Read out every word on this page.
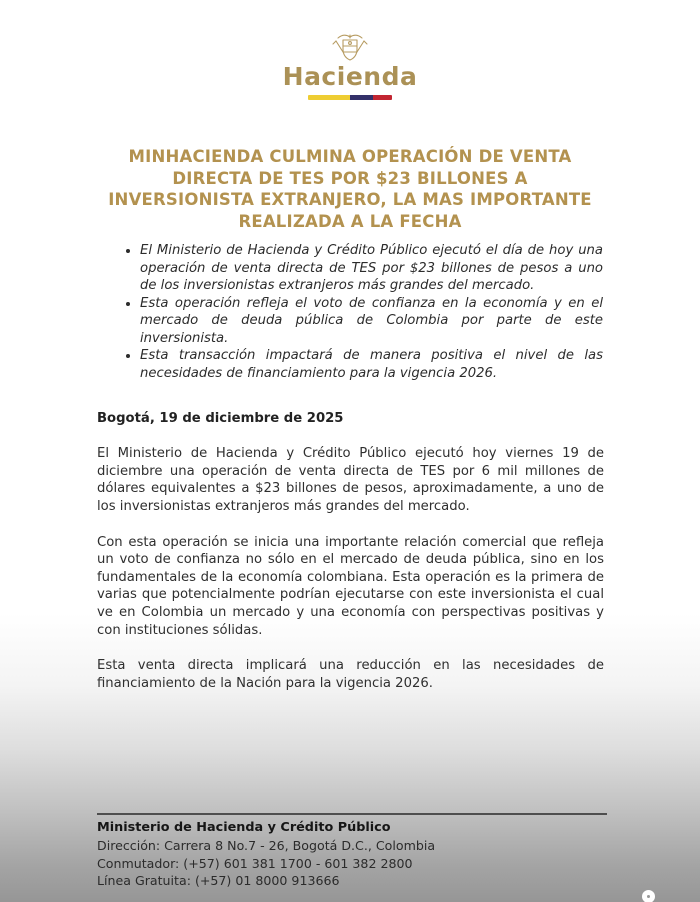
Hacienda
MINHACIENDA CULMINA OPERACIÓN DE VENTA DIRECTA DE TES POR $23 BILLONES A INVERSIONISTA EXTRANJERO, LA MAS IMPORTANTE REALIZADA A LA FECHA
• El Ministerio de Hacienda y Crédito Público ejecutó el día de hoy una operación de venta directa de TES por $23 billones de pesos a uno de los inversionistas extranjeros más grandes del mercado.
• Esta operación refleja el voto de confianza en la economía y en el mercado de deuda pública de Colombia por parte de este inversionista.
• Esta transacción impactará de manera positiva el nivel de las necesidades de financiamiento para la vigencia 2026.
Bogotá, 19 de diciembre de 2025

El Ministerio de Hacienda y Crédito Público ejecutó hoy viernes 19 de diciembre una operación de venta directa de TES por 6 mil millones de dólares equivalentes a $23 billones de pesos, aproximadamente, a uno de los inversionistas extranjeros más grandes del mercado.

Con esta operación se inicia una importante relación comercial que refleja un voto de confianza no sólo en el mercado de deuda pública, sino en los fundamentales de la economía colombiana. Esta operación es la primera de varias que potencialmente podrían ejecutarse con este inversionista el cual ve en Colombia un mercado y una economía con perspectivas positivas y con instituciones sólidas.

Esta venta directa implicará una reducción en las necesidades de financiamiento de la Nación para la vigencia 2026.

Ministerio de Hacienda y Crédito Público
Dirección: Carrera 8 No.7 - 26, Bogotá D.C., Colombia
Conmutador: (+57) 601 381 1700 - 601 382 2800
Línea Gratuita: (+57) 01 8000 913666
